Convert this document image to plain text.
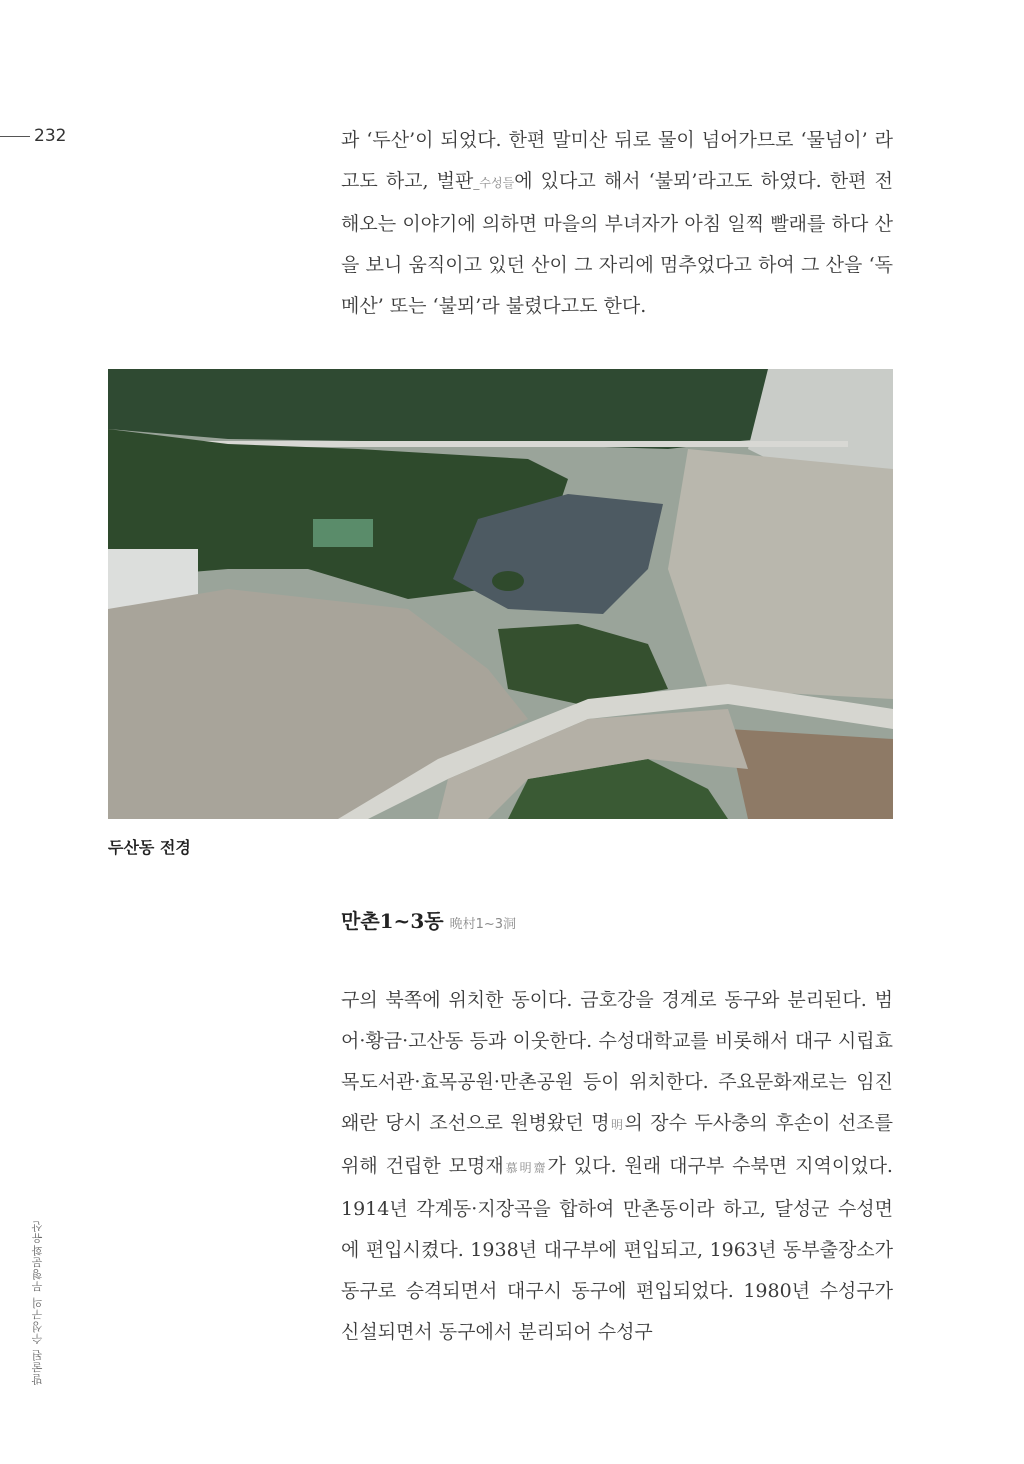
232	과 ‘두산’이 되었다. 한편 말미산 뒤로 물이 넘어가므로 ‘물넘이’ 라고도 하고, 벌판_수성들에 있다고 해서 ‘불뫼’라고도 하였다. 한편 전해오는 이야기에 의하면 마을의 부녀자가 아침 일찍 빨래를 하다 산을 보니 움직이고 있던 산이 그 자리에 멈추었다고 하여 그 산을 ‘독메산’ 또는 ‘불뫼’라 불렸다고도 한다.
두산동 전경
만촌1~3동 晩村1~3洞
구의 북쪽에 위치한 동이다. 금호강을 경계로 동구와 분리된다. 범어·황금·고산동 등과 이웃한다. 수성대학교를 비롯해서 대구 시립효목도서관·효목공원·만촌공원 등이 위치한다. 주요문화재로는 임진왜란 당시 조선으로 원병왔던 명明의 장수 두사충의 후손이 선조를 위해 건립한 모명재慕明齋가 있다. 원래 대구부 수북면 지역이었다. 1914년 각계동·지장곡을 합하여 만촌동이라 하고, 달성군 수성면에 편입시켰다. 1938년 대구부에 편입되고, 1963년 동부출장소가 동구로 승격되면서 대구시 동구에 편입되었다. 1980년 수성구가 신설되면서 동구에서 분리되어 수성구
발굴된 수성구의 무형문화유산
